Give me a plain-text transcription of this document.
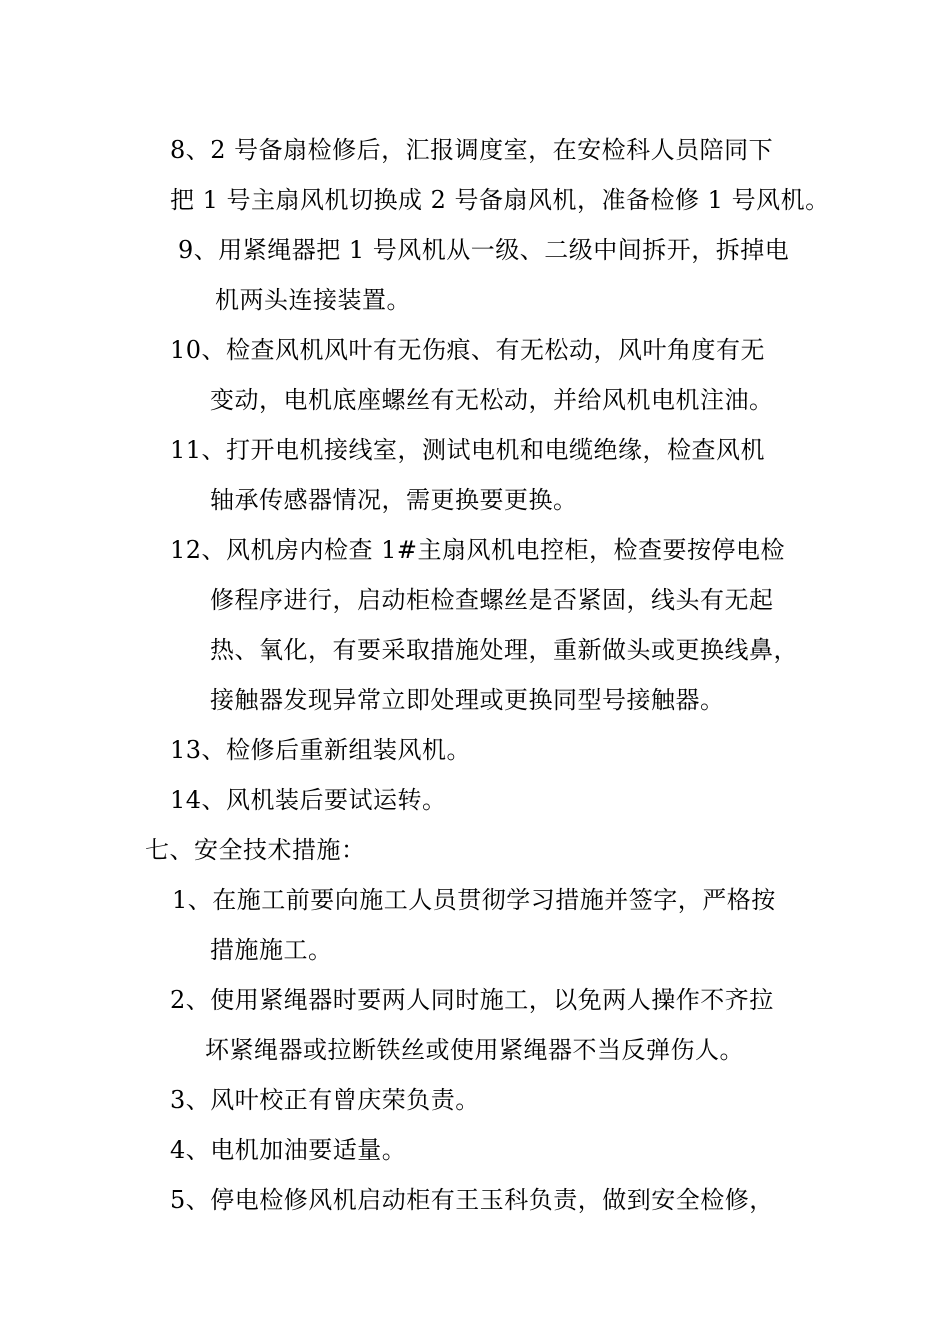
8、2 号备扇检修后，汇报调度室，在安检科人员陪同下
把 1 号主扇风机切换成 2 号备扇风机，准备检修 1 号风机。
9、用紧绳器把 1 号风机从一级、二级中间拆开，拆掉电
机两头连接装置。
10、检查风机风叶有无伤痕、有无松动，风叶角度有无
变动，电机底座螺丝有无松动，并给风机电机注油。
11、打开电机接线室，测试电机和电缆绝缘，检查风机
轴承传感器情况，需更换要更换。
12、风机房内检查 1#主扇风机电控柜，检查要按停电检
修程序进行，启动柜检查螺丝是否紧固，线头有无起
热、氧化，有要采取措施处理，重新做头或更换线鼻，
接触器发现异常立即处理或更换同型号接触器。
13、检修后重新组装风机。
14、风机装后要试运转。
七、安全技术措施：
1、在施工前要向施工人员贯彻学习措施并签字，严格按
措施施工。
2、使用紧绳器时要两人同时施工，以免两人操作不齐拉
坏紧绳器或拉断铁丝或使用紧绳器不当反弹伤人。
3、风叶校正有曾庆荣负责。
4、电机加油要适量。
5、停电检修风机启动柜有王玉科负责，做到安全检修，
